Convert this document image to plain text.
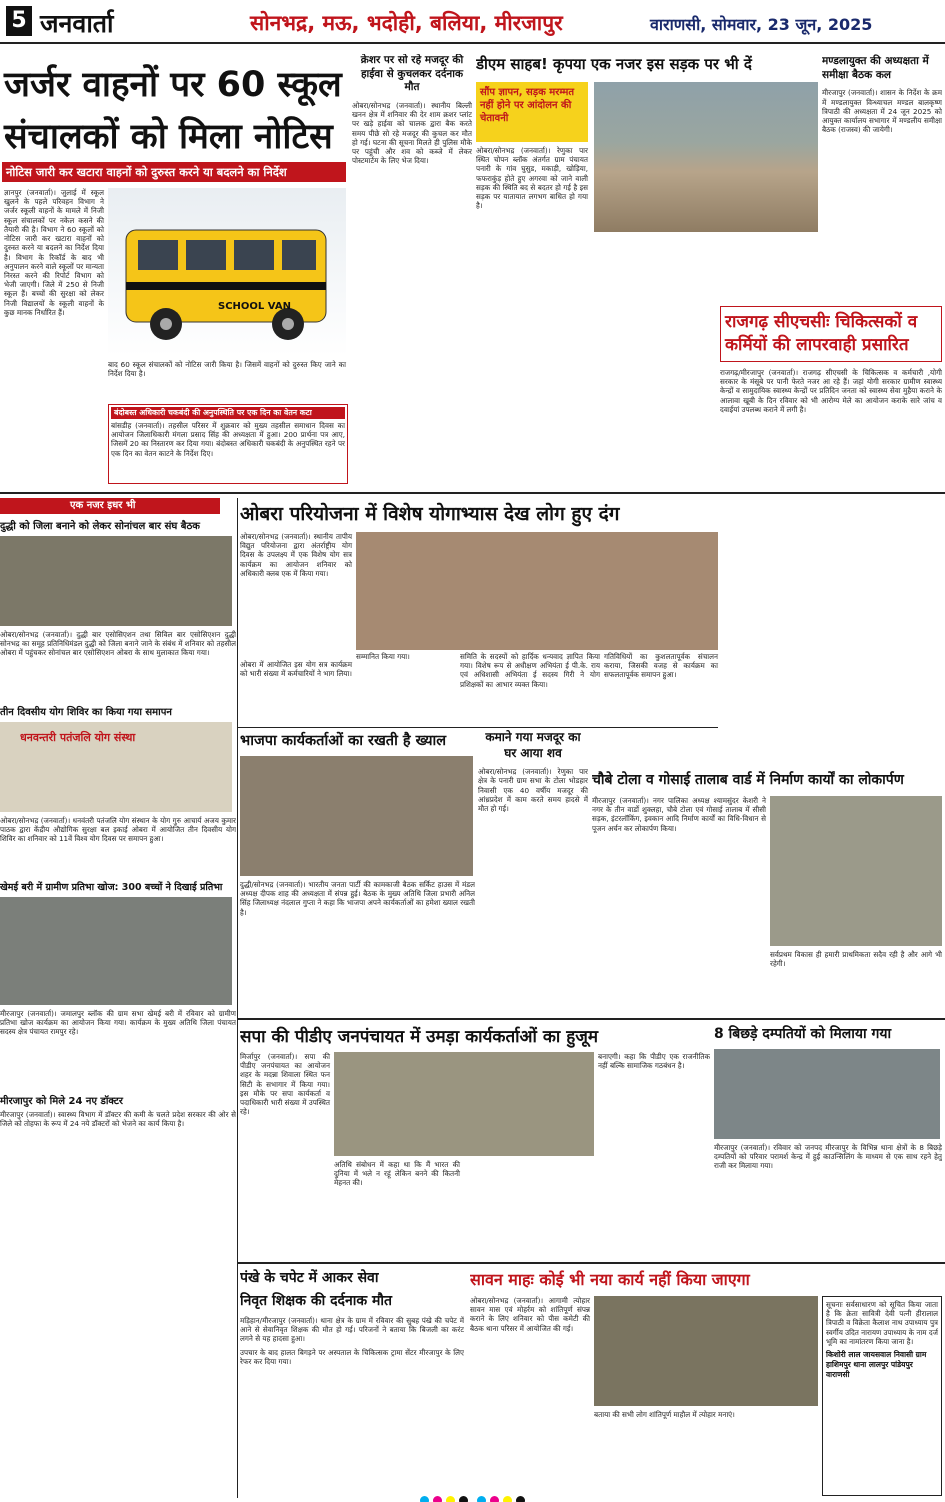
5 जनवार्ता	सोनभद्र, मऊ, भदोही, बलिया, मीरजापुर	वाराणसी, सोमवार, 23 जून, 2025
जर्जर वाहनों पर 60 स्कूल
संचालकों को मिला नोटिस
नोटिस जारी कर खटारा वाहनों को दुरुस्त करने या बदलने का निर्देश
ज्ञानपुर (जनवार्ता)। जुलाई में स्कूल खुलने के पहले परिवहन विभाग ने जर्जर स्कूली वाहनों के मामले में निजी स्कूल संचालकों पर नकेल कसने की तैयारी की है। विभाग ने 60 स्कूलों को नोटिस जारी कर खटारा वाहनों को दुरुस्त करने या बदलने का निर्देश दिया है। विभाग के रिकॉर्ड के बाद भी अनुपालन करने वाले स्कूलों पर मान्यता निरस्त करने की रिपोर्ट विभाग को भेजी जाएगी। जिले में 250 से निजी स्कूल हैं। बच्चों की सुरक्षा को लेकर निजी विद्यालयों के स्कूली वाहनों के कुछ मानक निर्धारित हैं।
SCHOOL VAN
बाद 60 स्कूल संचालकों को नोटिस जारी किया है। जिसमें वाहनों को दुरुस्त किए जाने का निर्देश दिया है।
बंदोबस्त अधिकारी चकबंदी की अनुपस्थिति पर एक दिन का वेतन कटा
बांसडीह (जनवार्ता)। तहसील परिसर में शुक्रवार को मुख्य तहसील समाधान दिवस का आयोजन जिलाधिकारी मंगला प्रसाद सिंह की अध्यक्षता में हुआ। 200 प्रार्थना पत्र आए, जिसमें 20 का निस्तारण कर दिया गया। बंदोबस्त अधिकारी चकबंदी के अनुपस्थित रहने पर एक दिन का वेतन काटने के निर्देश दिए।
क्रेशर पर सो रहे मजदूर की हाईवा से कुचलकर दर्दनाक मौत
ओबरा/सोनभद्र (जनवार्ता)। स्थानीय बिल्ली खनन क्षेत्र में शनिवार की देर शाम क्रशर प्लांट पर खड़े हाईवा को चालक द्वारा बैक करते समय पीछे सो रहे मजदूर की कुचल कर मौत हो गई। घटना की सूचना मिलते ही पुलिस मौके पर पहुंची और शव को कब्जे में लेकर पोस्टमार्टम के लिए भेज दिया।
डीएम साहब! कृपया एक नजर इस सड़क पर भी दें
सौंप ज्ञापन, सड़क मरम्मत नहीं होने पर आंदोलन की चेतावनी
ओबरा/सोनभद्र (जनवार्ता)। रेणुका पार स्थित चोपन ब्लॉक अंतर्गत ग्राम पंचायत पनारी के गांव घुसुड, मकाड़ी, खोड़िया, फफराकुंड़ होते हुए अगरवा को जाने वाली सड़क की स्थिति बद से बदतर हो गई है इस सड़क पर यातायात लगभग बाधित हो गया है।
मण्डलायुक्त की अध्यक्षता में समीक्षा बैठक कल
मीरजापुर (जनवार्ता)। शासन के निर्देश के क्रम में मण्डलायुक्त विन्ध्याचल मण्डल बालकृष्ण त्रिपाठी की अध्यक्षता में 24 जून 2025 को आयुक्त कार्यालय सभागार में मण्डलीय समीक्षा बैठक (राजस्व) की जायेगी।
राजगढ़ सीएचसीः चिकित्सकों व कर्मियों की लापरवाही प्रसारित
राजगढ़/मीरजापुर (जनवार्ता)। राजगढ़ सीएचसी के चिकित्सक व कर्मचारी ,योगी सरकार के मंसूबे पर पानी फेरते नजर आ रहे हैं। जहां योगी सरकार ग्रामीण स्वास्थ्य केन्द्रों व सामुदायिक स्वास्थ्य केन्द्रों पर प्रतिदिन जनता को स्वास्थ्य सेवा मुहैया कराने के आलावा खूबी के दिन रविवार को भी आरोग्य मेले का आयोजन कराके सारे जांच व दवाईयां उपलब्ध कराने में लगी है।
एक नजर इधर भी
दुद्धी को जिला बनाने को लेकर सोनांचल बार संघ बैठक
ओबरा/सोनभद्र (जनवार्ता)। दुद्धी बार एसोसिएशन तथा सिविल बार एसोसिएशन दुद्धी सोनभद्र का समूह प्रतिनिधिमंडल दुद्धी को जिला बनाने जाने के संबंध में शनिवार को तहसील ओबरा में पहुंचकर सोनांचल बार एसोसिएशन ओबरा के साथ मुलाकात किया गया।
तीन दिवसीय योग शिविर का किया गया समापन
धनवन्तरी पतंजलि योग संस्था
ओबरा/सोनभद्र (जनवार्ता)। धनवंतरी पतंजलि योग संस्थान के योग गुरु आचार्य अजय कुमार पाठक द्वारा केंद्रीय औद्योगिक सुरक्षा बल इकाई ओबरा में आयोजित तीन दिवसीय योग शिविर का शनिवार को 11वें विश्व योग दिवस पर समापन हुआ।
खेमई बरी में ग्रामीण प्रतिभा खोज: 300 बच्चों ने दिखाई प्रतिभा
मीरजापुर (जनवार्ता)। जमालपुर ब्लॉक की ग्राम सभा खेमई बरी में रविवार को ग्रामीण प्रतिभा खोज कार्यक्रम का आयोजन किया गया। कार्यक्रम के मुख्य अतिथि जिला पंचायत सदस्य क्षेत्र पंचायत रामपुर रहे।
मीरजापुर को मिले 24 नए डॉक्टर
मीरजापुर (जनवार्ता)। स्वास्थ्य विभाग में डॉक्टर की कमी के चलते प्रदेश सरकार की ओर से जिले को तोहफा के रूप में 24 नये डॉक्टरों को भेजने का कार्य किया है।
ओबरा परियोजना में विशेष योगाभ्यास देख लोग हुए दंग
ओबरा/सोनभद्र (जनवार्ता)। स्थानीय तापीय विद्युत परियोजना द्वारा अंतर्राष्ट्रीय योग दिवस के उपलक्ष्य में एक विशेष योग सत्र कार्यक्रम का आयोजन शनिवार को अधिकारी क्लब एक में किया गया।
सम्मानित किया गया।
ओबरा में आयोजित इस योग सत्र कार्यक्रम को भारी संख्या में कर्मचारियों ने भाग लिया।
समिति के सदस्यों को हार्दिक धन्यवाद ज्ञापित किया गया। विशेष रूप से अधीक्षण अभियंता ई पी.के. राय एवं अधिशासी अभियंता ई सदस्य गिरी ने योग प्रशिक्षकों का आभार व्यक्त किया।
गतिविधियों का कुशलतापूर्वक संचालन कराया, जिसकी वजह से कार्यक्रम का सफलतापूर्वक समापन हुआ।
भाजपा कार्यकर्ताओं का रखती है ख्याल
दुद्धी/सोनभद्र (जनवार्ता)। भारतीय जनता पार्टी की कामकाजी बैठक सर्किट हाउस में मंडल अध्यक्ष दीपक शाह की अध्यक्षता में संपन्न हुई। बैठक के मुख्य अतिथि जिला प्रभारी अनिल सिंह जिलाध्यक्ष नंदलाल गुप्ता ने कहा कि भाजपा अपने कार्यकर्ताओं का हमेशा ख्याल रखती है।
कमाने गया मजदूर का घर आया शव
ओबरा/सोनभद्र (जनवार्ता)। रेणुका पार क्षेत्र के पनारी ग्राम सभा के टोला भोडहार निवासी एक 40 वर्षीय मजदूर की आंध्रप्रदेश में काम करते समय हादसे में मौत हो गई।
चौबे टोला व गोसाई तालाब वार्ड में निर्माण कार्यों का लोकार्पण
मीरजापुर (जनवार्ता)। नगर पालिका अध्यक्ष श्यामसुंदर केशरी ने नगर के तीन वार्डो शुक्लहा, चौबे टोला एवं गोसाई तालाब में सीसी सड़क, इंटरलॉकिंग, इवकान आदि निर्माण कार्यों का विधि-विधान से पूजन अर्चन कर लोकार्पण किया।
सर्वप्रथम विकास ही हमारी प्राथमिकता सदैव रही है और आगे भी रहेगी।
सपा की पीडीए जनपंचायत में उमड़ा कार्यकर्ताओं का हुजूम
मिर्जापुर (जनवार्ता)। सपा की पीडीए जनपंचायत का आयोजन शहर के मदन्ना शिवाला स्थित फन सिटी के सभागार में किया गया। इस मौके पर सपा कार्यकर्ता व पदाधिकारी भारी संख्या में उपस्थित रहे।
अतिथि संबोधन में कहा था कि मैं भारत की दुनिया में भले न रहूं लेकिन बनने की कितनी मेहनत की।
बनाएगी। कहा कि पीडीए एक राजनीतिक नहीं बल्कि सामाजिक गठबंधन है।
8 बिछड़े दम्पतियों को मिलाया गया
मीरजापुर (जनवार्ता)। रविवार को जनपद मीरजापुर के विभिन्न थाना क्षेत्रों के 8 बिछड़े दम्पतियों को परिवार परामर्श केन्द्र में हुई काउन्सिलिंग के माध्यम से एक साथ रहने हेतु राजी कर मिलाया गया।
पंखे के चपेट में आकर सेवा
निवृत शिक्षक की दर्दनाक मौत
मड़िहान/मीरजापुर (जनवार्ता)। थाना क्षेत्र के ग्राम में रविवार की सुबह पंखे की चपेट में आने से सेवानिवृत शिक्षक की मौत हो गई। परिजनों ने बताया कि बिजली का करंट लगने से यह हादसा हुआ।
उपचार के बाद हालत बिगड़ने पर अस्पताल के चिकित्सक ट्रामा सेंटर मीरजापुर के लिए रेफर कर दिया गया।
सावन माहः कोई भी नया कार्य नहीं किया जाएगा
ओबरा/सोनभद्र (जनवार्ता)। आगामी त्योहार सावन मास एवं मोहर्रम को शांतिपूर्ण संपन्न कराने के लिए शनिवार को पीस कमेटी की बैठक थाना परिसर में आयोजित की गई।
बताया की सभी लोग शांतिपूर्ण माहौल में त्योहार मनाएं।
सूचनाः सर्वसाधारण को सूचित किया जाता है कि क्रेता सावित्री देवी पत्नी हीरालाल त्रिपाठी व विक्रेता कैलाश नाथ उपाध्याय पुत्र स्वर्गीय उदित नारायण उपाध्याय के नाम दर्ज भूमि का नामांतरण किया जाना है।
किशोरी लाल जायसवाल निवासी ग्राम हाशिमपुर थाना लालपुर पांडेयपुर वाराणसी
